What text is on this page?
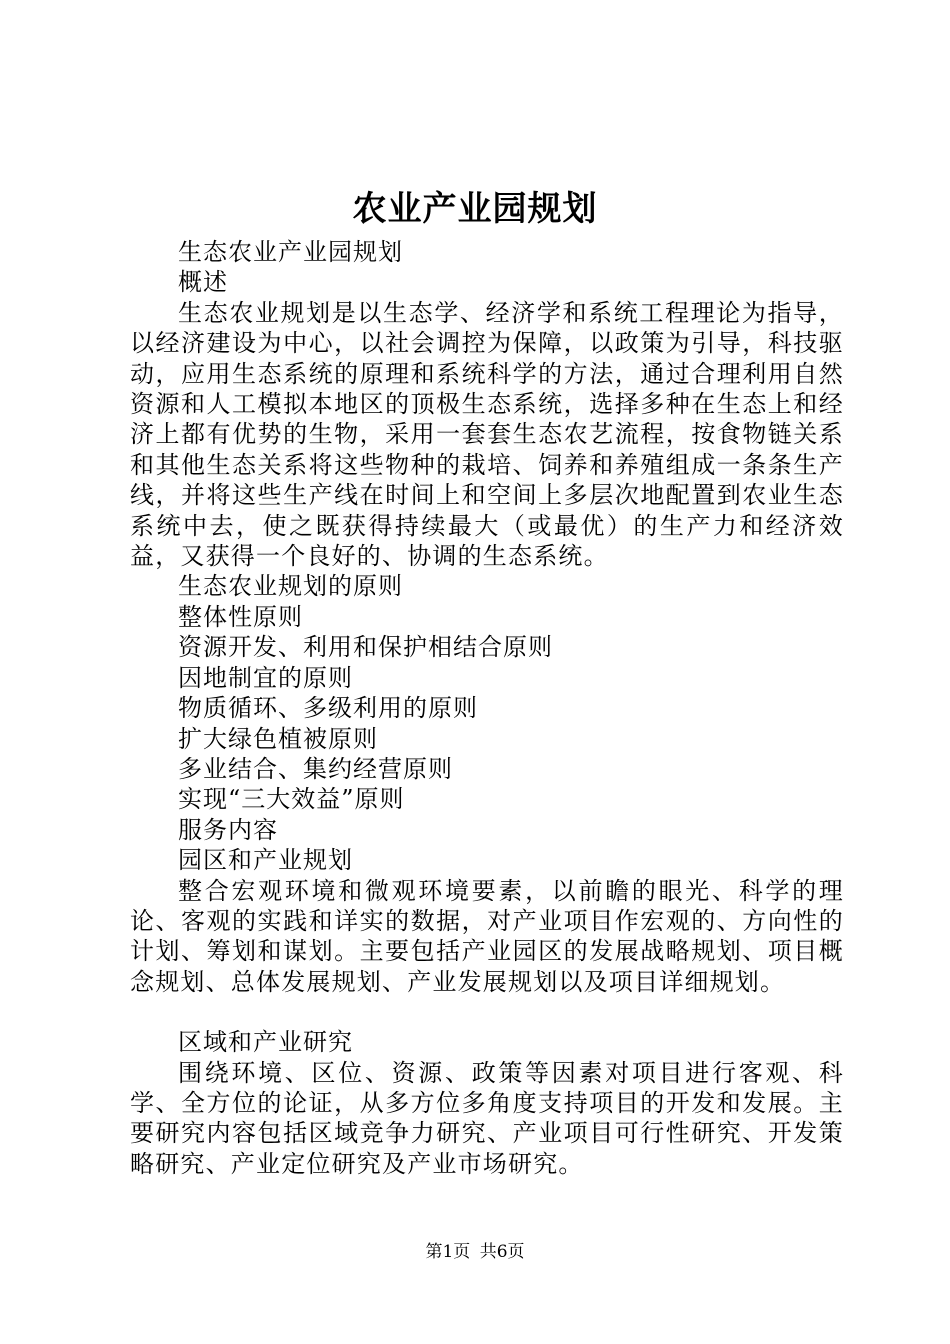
农业产业园规划
生态农业产业园规划
概述
生态农业规划是以生态学、经济学和系统工程理论为指导，以经济建设为中心，以社会调控为保障，以政策为引导，科技驱动，应用生态系统的原理和系统科学的方法，通过合理利用自然资源和人工模拟本地区的顶极生态系统，选择多种在生态上和经济上都有优势的生物，采用一套套生态农艺流程，按食物链关系和其他生态关系将这些物种的栽培、饲养和养殖组成一条条生产线，并将这些生产线在时间上和空间上多层次地配置到农业生态系统中去，使之既获得持续最大（或最优）的生产力和经济效益，又获得一个良好的、协调的生态系统。
生态农业规划的原则
整体性原则
资源开发、利用和保护相结合原则
因地制宜的原则
物质循环、多级利用的原则
扩大绿色植被原则
多业结合、集约经营原则
实现“三大效益”原则
服务内容
园区和产业规划
整合宏观环境和微观环境要素，以前瞻的眼光、科学的理论、客观的实践和详实的数据，对产业项目作宏观的、方向性的计划、筹划和谋划。主要包括产业园区的发展战略规划、项目概念规划、总体发展规划、产业发展规划以及项目详细规划。
区域和产业研究
围绕环境、区位、资源、政策等因素对项目进行客观、科学、全方位的论证，从多方位多角度支持项目的开发和发展。主要研究内容包括区域竞争力研究、产业项目可行性研究、开发策略研究、产业定位研究及产业市场研究。
第1页 共6页
